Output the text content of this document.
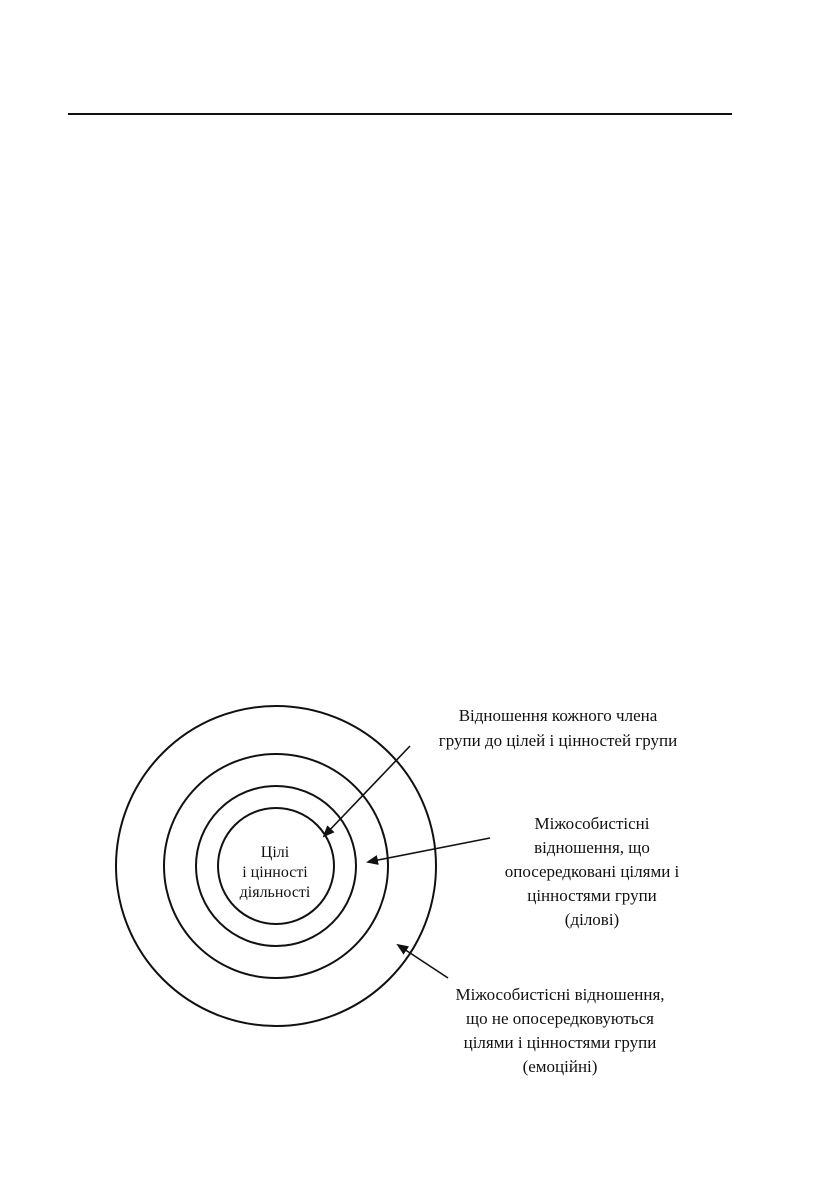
Цілі
і цінності
діяльності
Відношення кожного члена
групи до цілей і цінностей групи
Міжособистісні
відношення, що
опосередковані цілями і
цінностями групи
(ділові)
Міжособистісні відношення,
що не опосередковуються
цілями і цінностями групи
(емоційні)
